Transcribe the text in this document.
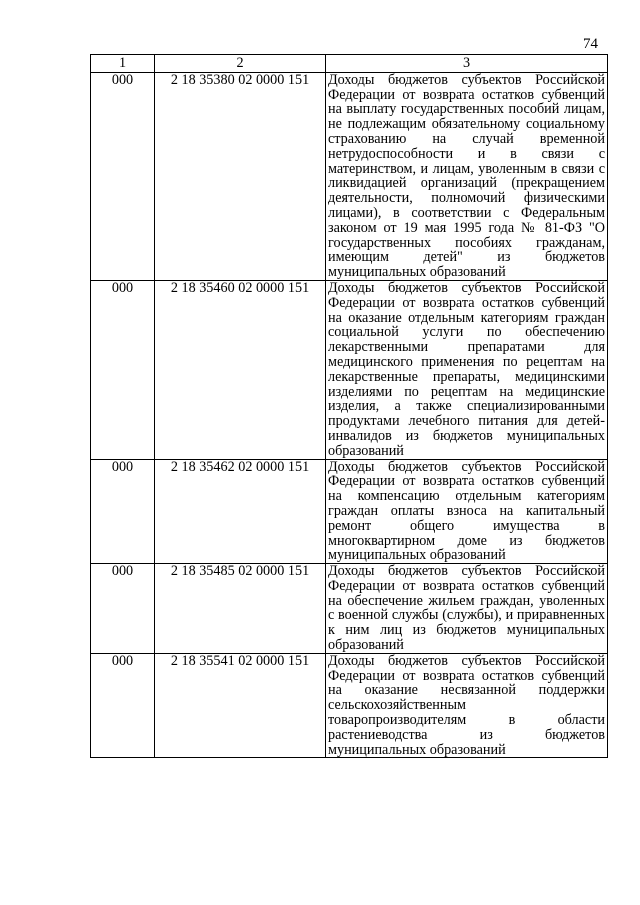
74
1	2	3
000	2 18 35380 02 0000 151	Доходы бюджетов субъектов Российской Федерации от возврата остатков субвенций на выплату государственных пособий лицам, не подлежащим обязательному социальному страхованию на случай временной нетрудоспособности и в связи с материнством, и лицам, уволенным в связи с ликвидацией организаций (прекращением деятельности, полномочий физическими лицами), в соответствии с Федеральным законом от 19 мая 1995 года № 81-ФЗ "О государственных пособиях гражданам, имеющим детей" из бюджетов муниципальных образований
000	2 18 35460 02 0000 151	Доходы бюджетов субъектов Российской Федерации от возврата остатков субвенций на оказание отдельным категориям граждан социальной услуги по обеспечению лекарственными препаратами для медицинского применения по рецептам на лекарственные препараты, медицинскими изделиями по рецептам на медицинские изделия, а также специализированными продуктами лечебного питания для детей-инвалидов из бюджетов муниципальных образований
000	2 18 35462 02 0000 151	Доходы бюджетов субъектов Российской Федерации от возврата остатков субвенций на компенсацию отдельным категориям граждан оплаты взноса на капитальный ремонт общего имущества в многоквартирном доме из бюджетов муниципальных образований
000	2 18 35485 02 0000 151	Доходы бюджетов субъектов Российской Федерации от возврата остатков субвенций на обеспечение жильем граждан, уволенных с военной службы (службы), и приравненных к ним лиц из бюджетов муниципальных образований
000	2 18 35541 02 0000 151	Доходы бюджетов субъектов Российской Федерации от возврата остатков субвенций на оказание несвязанной поддержки сельскохозяйственным товаропроизводителям в области растениеводства из бюджетов муниципальных образований
